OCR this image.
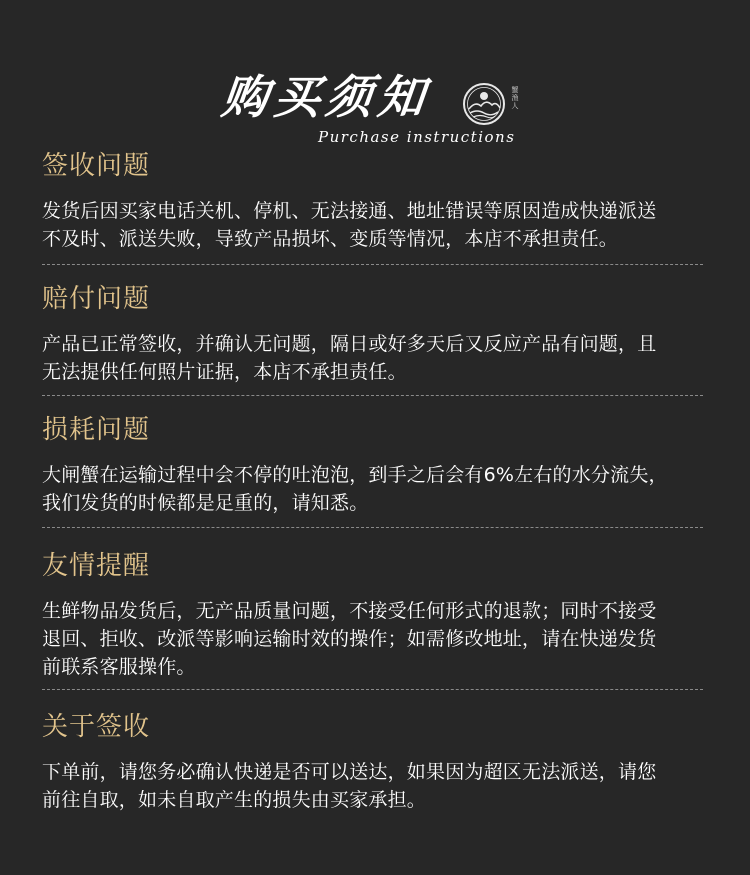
购买须知	蟹渔人
Purchase instructions
签收问题

发货后因买家电话关机、停机、无法接通、地址错误等原因造成快递派送
不及时、派送失败，导致产品损坏、变质等情况，本店不承担责任。

赔付问题

产品已正常签收，并确认无问题，隔日或好多天后又反应产品有问题，且
无法提供任何照片证据，本店不承担责任。

损耗问题

大闸蟹在运输过程中会不停的吐泡泡，到手之后会有6%左右的水分流失，
我们发货的时候都是足重的，请知悉。

友情提醒

生鲜物品发货后，无产品质量问题，不接受任何形式的退款；同时不接受
退回、拒收、改派等影响运输时效的操作；如需修改地址，请在快递发货
前联系客服操作。

关于签收

下单前，请您务必确认快递是否可以送达，如果因为超区无法派送，请您
前往自取，如未自取产生的损失由买家承担。
